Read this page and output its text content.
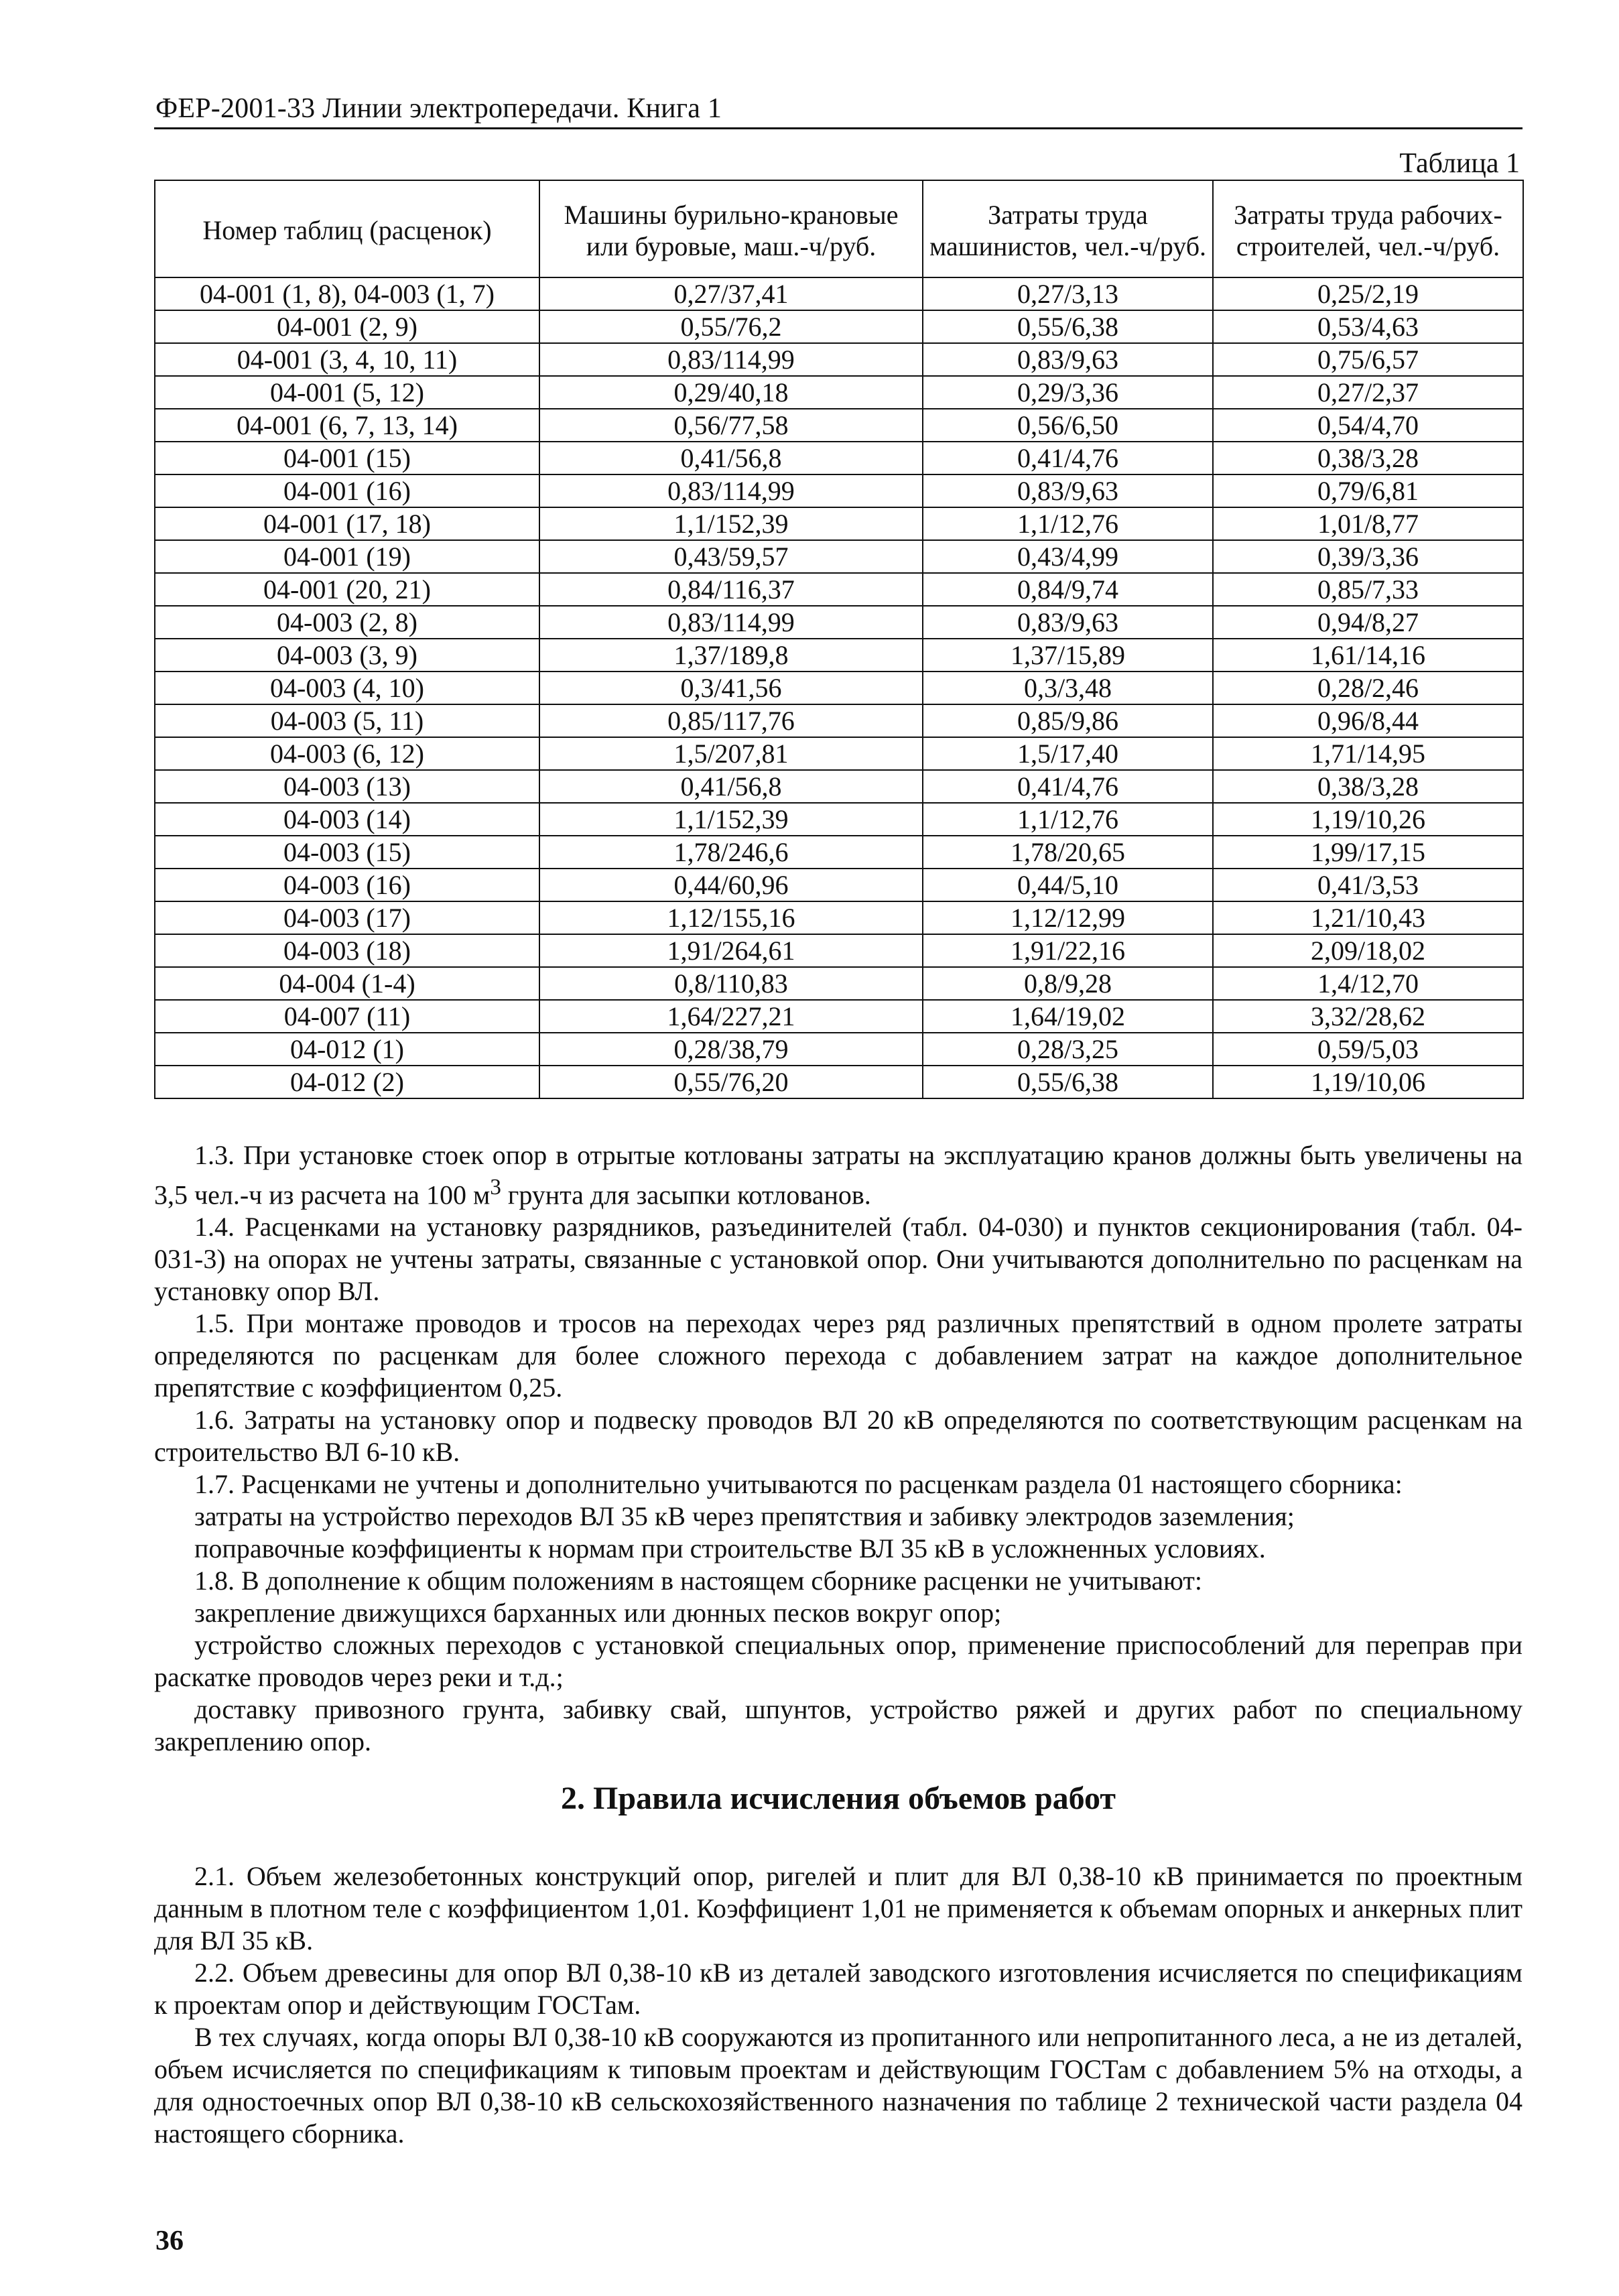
ФЕР-2001-33 Линии электропередачи. Книга 1
Таблица 1
Номер таблиц (расценок)	Машины бурильно-крановые или буровые, маш.-ч/руб.	Затраты труда машинистов, чел.-ч/руб.	Затраты труда рабочих-строителей, чел.-ч/руб.
04-001 (1, 8), 04-003 (1, 7)	0,27/37,41	0,27/3,13	0,25/2,19
04-001 (2, 9)	0,55/76,2	0,55/6,38	0,53/4,63
04-001 (3, 4, 10, 11)	0,83/114,99	0,83/9,63	0,75/6,57
04-001 (5, 12)	0,29/40,18	0,29/3,36	0,27/2,37
04-001 (6, 7, 13, 14)	0,56/77,58	0,56/6,50	0,54/4,70
04-001 (15)	0,41/56,8	0,41/4,76	0,38/3,28
04-001 (16)	0,83/114,99	0,83/9,63	0,79/6,81
04-001 (17, 18)	1,1/152,39	1,1/12,76	1,01/8,77
04-001 (19)	0,43/59,57	0,43/4,99	0,39/3,36
04-001 (20, 21)	0,84/116,37	0,84/9,74	0,85/7,33
04-003 (2, 8)	0,83/114,99	0,83/9,63	0,94/8,27
04-003 (3, 9)	1,37/189,8	1,37/15,89	1,61/14,16
04-003 (4, 10)	0,3/41,56	0,3/3,48	0,28/2,46
04-003 (5, 11)	0,85/117,76	0,85/9,86	0,96/8,44
04-003 (6, 12)	1,5/207,81	1,5/17,40	1,71/14,95
04-003 (13)	0,41/56,8	0,41/4,76	0,38/3,28
04-003 (14)	1,1/152,39	1,1/12,76	1,19/10,26
04-003 (15)	1,78/246,6	1,78/20,65	1,99/17,15
04-003 (16)	0,44/60,96	0,44/5,10	0,41/3,53
04-003 (17)	1,12/155,16	1,12/12,99	1,21/10,43
04-003 (18)	1,91/264,61	1,91/22,16	2,09/18,02
04-004 (1-4)	0,8/110,83	0,8/9,28	1,4/12,70
04-007 (11)	1,64/227,21	1,64/19,02	3,32/28,62
04-012 (1)	0,28/38,79	0,28/3,25	0,59/5,03
04-012 (2)	0,55/76,20	0,55/6,38	1,19/10,06

1.3. При установке стоек опор в отрытые котлованы затраты на эксплуатацию кранов должны быть увеличены на 3,5 чел.-ч из расчета на 100 $м^3$ грунта для засыпки котлованов.

1.4. Расценками на установку разрядников, разъединителей (табл. 04-030) и пунктов секционирования (табл. 04-031-3) на опорах не учтены затраты, связанные с установкой опор. Они учитываются дополнительно по расценкам на установку опор ВЛ.

1.5. При монтаже проводов и тросов на переходах через ряд различных препятствий в одном пролете затраты определяются по расценкам для более сложного перехода с добавлением затрат на каждое дополнительное препятствие с коэффициентом 0,25.

1.6. Затраты на установку опор и подвеску проводов ВЛ 20 кВ определяются по соответствующим расценкам на строительство ВЛ 6-10 кВ.

1.7. Расценками не учтены и дополнительно учитываются по расценкам раздела 01 настоящего сборника:

затраты на устройство переходов ВЛ 35 кВ через препятствия и забивку электродов заземления;

поправочные коэффициенты к нормам при строительстве ВЛ 35 кВ в усложненных условиях.

1.8. В дополнение к общим положениям в настоящем сборнике расценки не учитывают:

закрепление движущихся барханных или дюнных песков вокруг опор;

устройство сложных переходов с установкой специальных опор, применение приспособлений для переправ при раскатке проводов через реки и т.д.;

доставку привозного грунта, забивку свай, шпунтов, устройство ряжей и других работ по специальному закреплению опор.

2. Правила исчисления объемов работ

2.1. Объем железобетонных конструкций опор, ригелей и плит для ВЛ 0,38-10 кВ принимается по проектным данным в плотном теле с коэффициентом 1,01. Коэффициент 1,01 не применяется к объемам опорных и анкерных плит для ВЛ 35 кВ.

2.2. Объем древесины для опор ВЛ 0,38-10 кВ из деталей заводского изготовления исчисляется по спецификациям к проектам опор и действующим ГОСТам.

В тех случаях, когда опоры ВЛ 0,38-10 кВ сооружаются из пропитанного или непропитанного леса, а не из деталей, объем исчисляется по спецификациям к типовым проектам и действующим ГОСТам с добавлением 5% на отходы, а для одностоечных опор ВЛ 0,38-10 кВ сельскохозяйственного назначения по таблице 2 технической части раздела 04 настоящего сборника.

36
